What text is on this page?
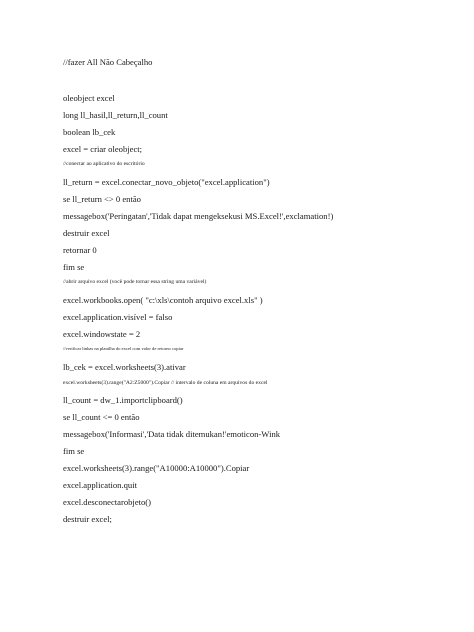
//fazer All Não Cabeçalho
oleobject excel
long ll_hasil,ll_return,ll_count
boolean lb_cek
excel = criar oleobject;
//conectar ao aplicativo do escritório
ll_return = excel.conectar_novo_objeto("excel.application")
se ll_return <> 0 então
messagebox('Peringatan','Tidak dapat mengeksekusi MS.Excel!',exclamation!)
destruir excel
retornar 0
fim se
//abrir arquivo excel (você pode tornar essa string uma variável)
excel.workbooks.open( "c:\xls\contoh arquivo excel.xls" )
excel.application.visível = falso
excel.windowstate = 2
//verificar linhas na planilha do excel com valor de retorno copiar
lb_cek = excel.worksheets(3).ativar
excel.worksheets(3).range("A2:Z5000").Copiar // intervalo de coluna em arquivos do excel
ll_count = dw_1.importclipboard()
se ll_count <= 0 então
messagebox('Informasi','Data tidak ditemukan!'emoticon-Wink
fim se
excel.worksheets(3).range("A10000:A10000").Copiar
excel.application.quit
excel.desconectarobjeto()
destruir excel;
